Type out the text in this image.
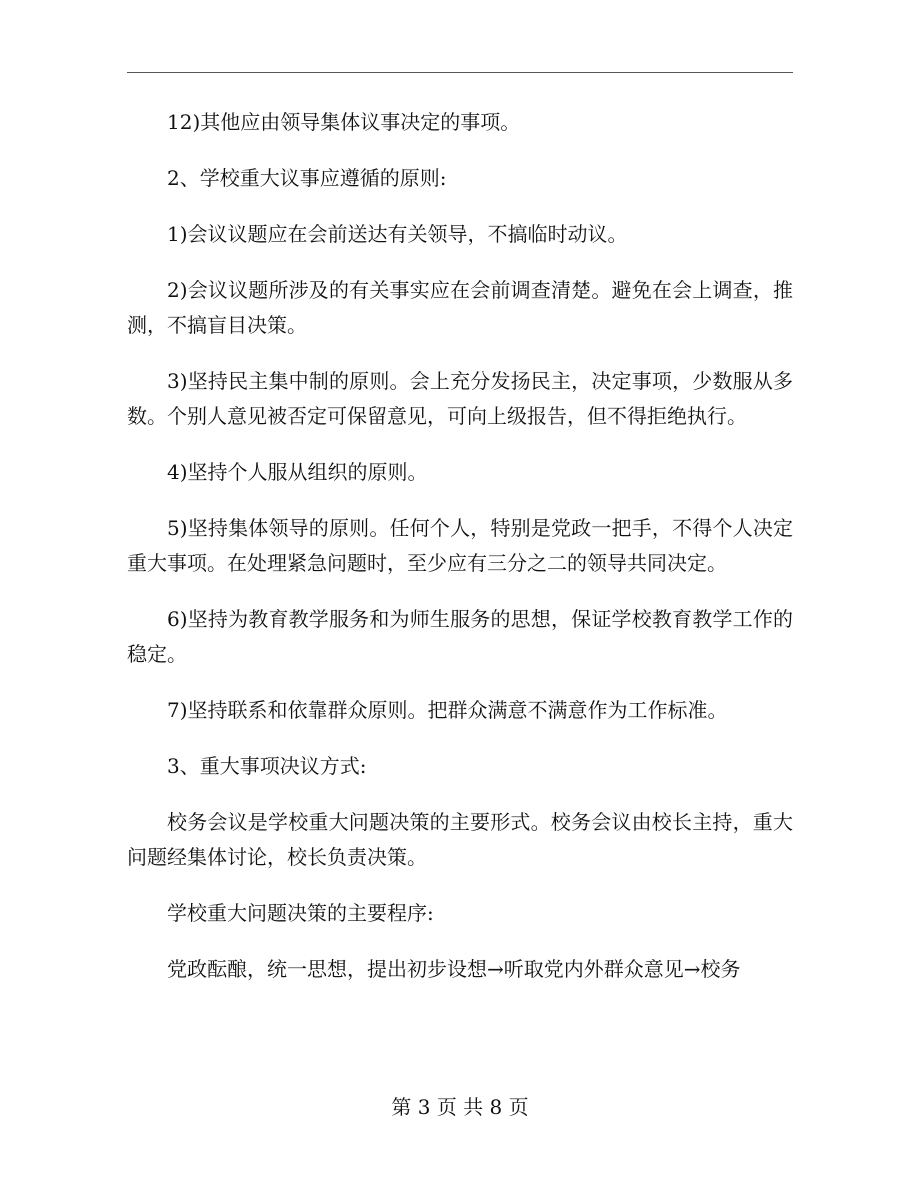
12)其他应由领导集体议事决定的事项。

2、学校重大议事应遵循的原则:

1)会议议题应在会前送达有关领导，不搞临时动议。

2)会议议题所涉及的有关事实应在会前调查清楚。避免在会上调查，推测，不搞盲目决策。

3)坚持民主集中制的原则。会上充分发扬民主，决定事项，少数服从多数。个别人意见被否定可保留意见，可向上级报告，但不得拒绝执行。

4)坚持个人服从组织的原则。

5)坚持集体领导的原则。任何个人，特别是党政一把手，不得个人决定重大事项。在处理紧急问题时，至少应有三分之二的领导共同决定。

6)坚持为教育教学服务和为师生服务的思想，保证学校教育教学工作的稳定。

7)坚持联系和依靠群众原则。把群众满意不满意作为工作标准。

3、重大事项决议方式:

校务会议是学校重大问题决策的主要形式。校务会议由校长主持，重大问题经集体讨论，校长负责决策。

学校重大问题决策的主要程序:

党政酝酿，统一思想，提出初步设想→听取党内外群众意见→校务

第 3 页 共 8 页
